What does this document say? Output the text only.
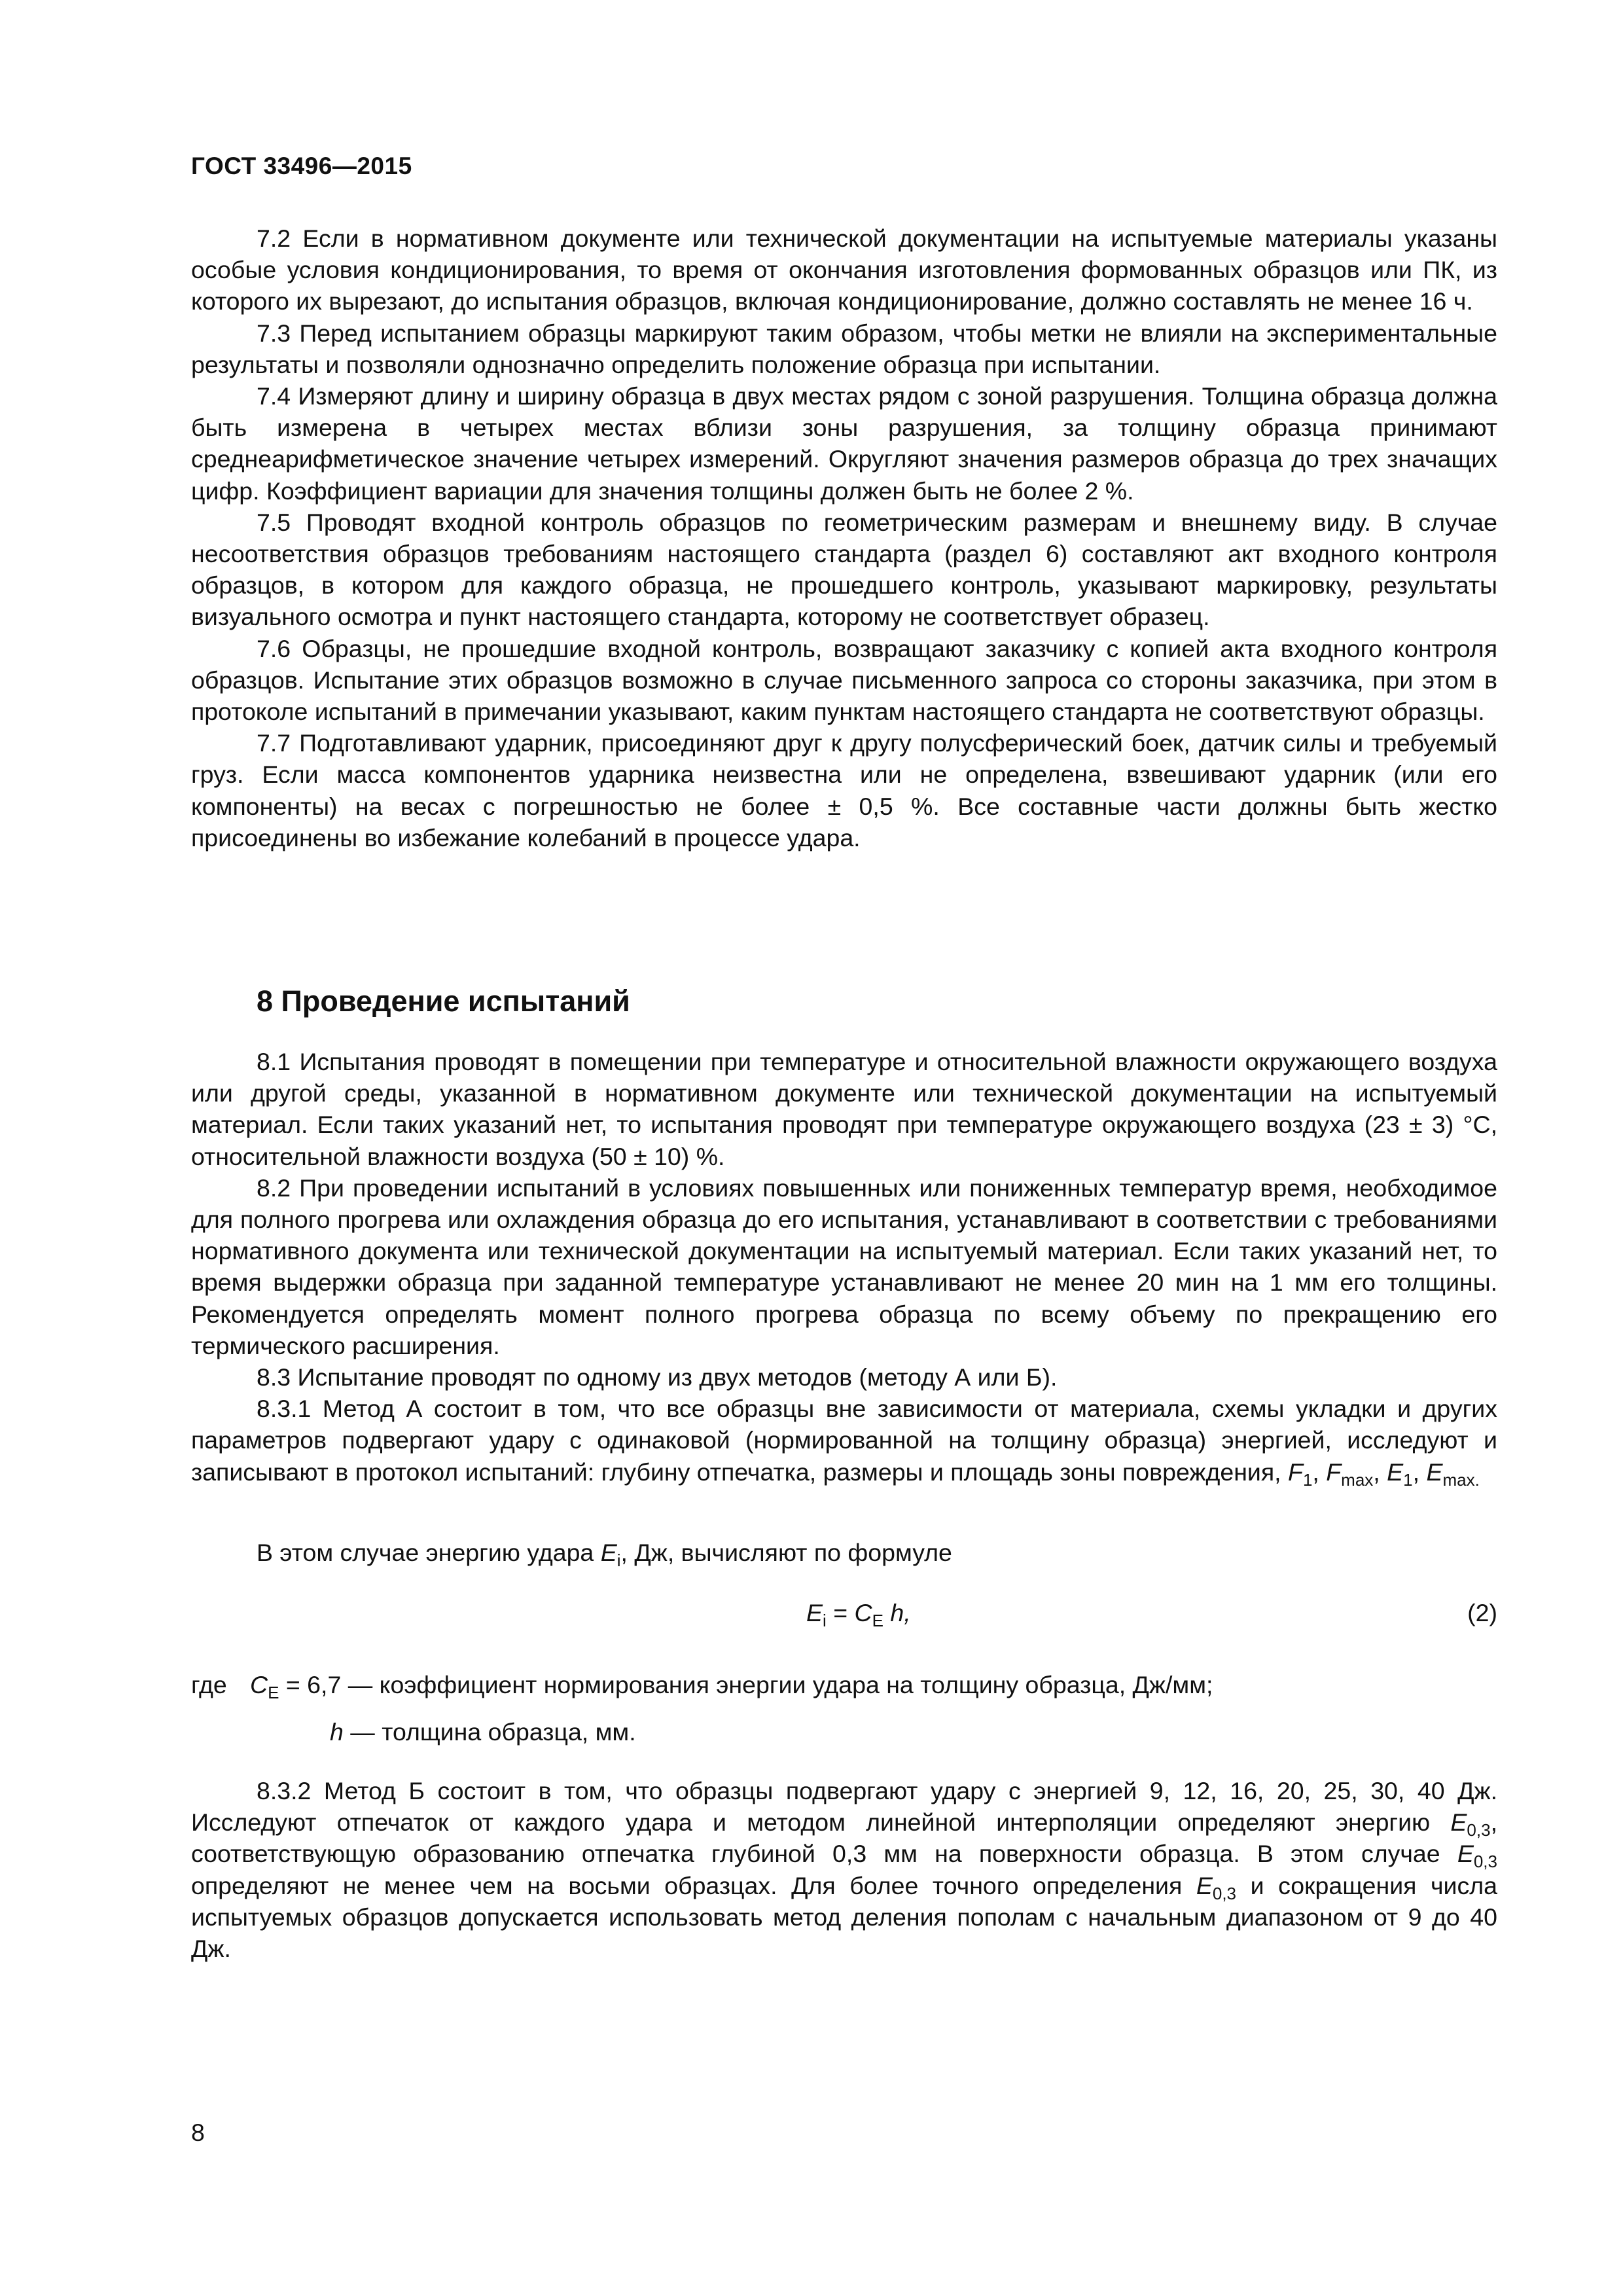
ГОСТ 33496—2015

7.2 Если в нормативном документе или технической документации на испытуемые материалы указаны особые условия кондиционирования, то время от окончания изготовления формованных образцов или ПК, из которого их вырезают, до испытания образцов, включая кондиционирование, должно составлять не менее 16 ч.

7.3 Перед испытанием образцы маркируют таким образом, чтобы метки не влияли на экспериментальные результаты и позволяли однозначно определить положение образца при испытании.

7.4 Измеряют длину и ширину образца в двух местах рядом с зоной разрушения. Толщина образца должна быть измерена в четырех местах вблизи зоны разрушения, за толщину образца принимают среднеарифметическое значение четырех измерений. Округляют значения размеров образца до трех значащих цифр. Коэффициент вариации для значения толщины должен быть не более 2 %.

7.5 Проводят входной контроль образцов по геометрическим размерам и внешнему виду. В случае несоответствия образцов требованиям настоящего стандарта (раздел 6) составляют акт входного контроля образцов, в котором для каждого образца, не прошедшего контроль, указывают маркировку, результаты визуального осмотра и пункт настоящего стандарта, которому не соответствует образец.

7.6 Образцы, не прошедшие входной контроль, возвращают заказчику с копией акта входного контроля образцов. Испытание этих образцов возможно в случае письменного запроса со стороны заказчика, при этом в протоколе испытаний в примечании указывают, каким пунктам настоящего стандарта не соответствуют образцы.

7.7 Подготавливают ударник, присоединяют друг к другу полусферический боек, датчик силы и требуемый груз. Если масса компонентов ударника неизвестна или не определена, взвешивают ударник (или его компоненты) на весах с погрешностью не более ± 0,5 %. Все составные части должны быть жестко присоединены во избежание колебаний в процессе удара.

8 Проведение испытаний

8.1 Испытания проводят в помещении при температуре и относительной влажности окружающего воздуха или другой среды, указанной в нормативном документе или технической документации на испытуемый материал. Если таких указаний нет, то испытания проводят при температуре окружающего воздуха (23 ± 3) °С, относительной влажности воздуха (50 ± 10) %.

8.2 При проведении испытаний в условиях повышенных или пониженных температур время, необходимое для полного прогрева или охлаждения образца до его испытания, устанавливают в соответствии с требованиями нормативного документа или технической документации на испытуемый материал. Если таких указаний нет, то время выдержки образца при заданной температуре устанавливают не менее 20 мин на 1 мм его толщины. Рекомендуется определять момент полного прогрева образца по всему объему по прекращению его термического расширения.

8.3 Испытание проводят по одному из двух методов (методу А или Б).

8.3.1 Метод А состоит в том, что все образцы вне зависимости от материала, схемы укладки и других параметров подвергают удару с одинаковой (нормированной на толщину образца) энергией, исследуют и записывают в протокол испытаний: глубину отпечатка, размеры и площадь зоны повреждения, $F_1$, $F_{max}$, $E_1$, $E_{max.}$

В этом случае энергию удара $E_i$, Дж, вычисляют по формуле
$E_i = C_E$ h,	(2)
где $C_E = 6,7$ — коэффициент нормирования энергии удара на толщину образца, Дж/мм;
h — толщина образца, мм.

8.3.2 Метод Б состоит в том, что образцы подвергают удару с энергией 9, 12, 16, 20, 25, 30, 40 Дж. Исследуют отпечаток от каждого удара и методом линейной интерполяции определяют энергию $E_{0,3}$, соответствующую образованию отпечатка глубиной 0,3 мм на поверхности образца. В этом случае $E_{0,3}$ определяют не менее чем на восьми образцах. Для более точного определения $E_{0,3}$ и сокращения числа испытуемых образцов допускается использовать метод деления пополам с начальным диапазоном от 9 до 40 Дж.

8
